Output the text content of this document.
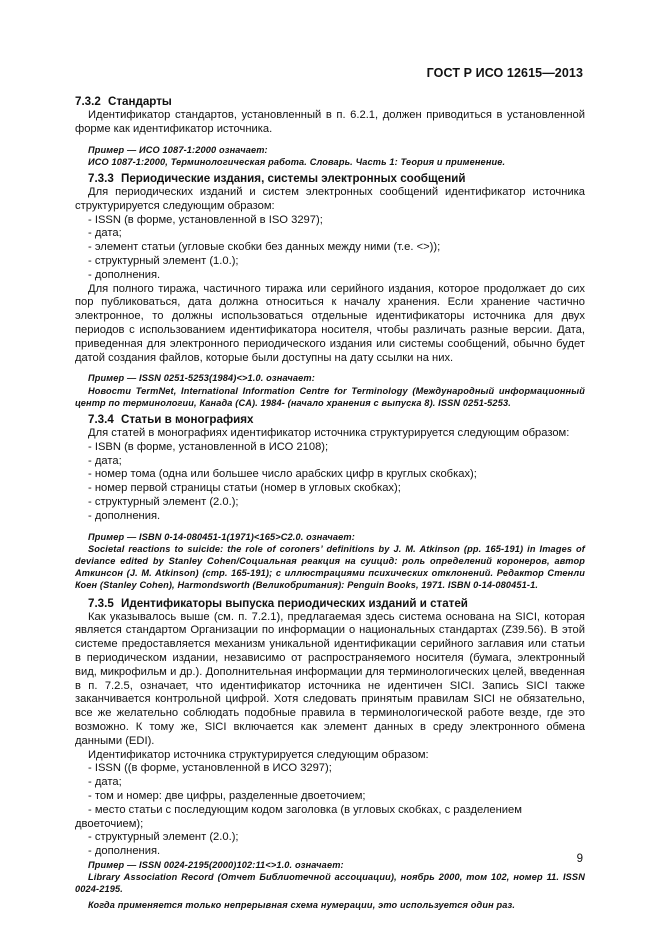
ГОСТ Р ИСО 12615—2013
7.3.2 Стандарты

Идентификатор стандартов, установленный в п. 6.2.1, должен приводиться в установленной форме как идентификатор источника.

Пример — ИСО 1087-1:2000 означает:

ИСО 1087-1:2000, Терминологическая работа. Словарь. Часть 1: Теория и применение.

7.3.3 Периодические издания, системы электронных сообщений

Для периодических изданий и систем электронных сообщений идентификатор источника структурируется следующим образом:

- ISSN (в форме, установленной в ISO 3297);

- дата;

- элемент статьи (угловые скобки без данных между ними (т.е. <>));

- структурный элемент (1.0.);

- дополнения.

Для полного тиража, частичного тиража или серийного издания, которое продолжает до сих пор публиковаться, дата должна относиться к началу хранения. Если хранение частично электронное, то должны использоваться отдельные идентификаторы источника для двух периодов с использованием идентификатора носителя, чтобы различать разные версии. Дата, приведенная для электронного периодического издания или системы сообщений, обычно будет датой создания файлов, которые были доступны на дату ссылки на них.

Пример — ISSN 0251-5253(1984)<>1.0. означает:

Новости TermNet, International Information Centre for Terminology (Международный информационный центр по терминологии, Канада (CA). 1984- (начало хранения с выпуска 8). ISSN 0251-5253.

7.3.4 Статьи в монографиях

Для статей в монографиях идентификатор источника структурируется следующим образом:

- ISBN (в форме, установленной в ИСО 2108);

- дата;

- номер тома (одна или большее число арабских цифр в круглых скобках);

- номер первой страницы статьи (номер в угловых скобках);

- структурный элемент (2.0.);

- дополнения.

Пример — ISBN 0-14-080451-1(1971)<165>C2.0. означает:

Societal reactions to suicide: the role of coroners’ definitions by J. M. Atkinson (pp. 165-191) in Images of deviance edited by Stanley Cohen/Социальная реакция на суицид: роль определений коронеров, автор Аткинсон (J. M. Atkinson) (стр. 165-191); с иллюстрациями психических отклонений. Редактор Стенли Коен (Stanley Cohen), Harmondsworth (Великобритания): Penguin Books, 1971. ISBN 0-14-080451-1.

7.3.5 Идентификаторы выпуска периодических изданий и статей

Как указывалось выше (см. п. 7.2.1), предлагаемая здесь система основана на SICI, которая является стандартом Организации по информации о национальных стандартах (Z39.56). В этой системе предоставляется механизм уникальной идентификации серийного заглавия или статьи в периодическом издании, независимо от распространяемого носителя (бумага, электронный вид, микрофильм и др.). Дополнительная информации для терминологических целей, введенная в п. 7.2.5, означает, что идентификатор источника не идентичен SICI. Запись SICI также заканчивается контрольной цифрой. Хотя следовать принятым правилам SICI не обязательно, все же желательно соблюдать подобные правила в терминологической работе везде, где это возможно. К тому же, SICI включается как элемент данных в среду электронного обмена данными (EDI).

Идентификатор источника структурируется следующим образом:

- ISSN ((в форме, установленной в ИСО 3297);

- дата;

- том и номер: две цифры, разделенные двоеточием;

- место статьи с последующим кодом заголовка (в угловых скобках, с разделением двоеточием);

- структурный элемент (2.0.);

- дополнения.

Пример — ISSN 0024-2195(2000)102:11<>1.0. означает:

Library Association Record (Отчет Библиотечной ассоциации), ноябрь 2000, том 102, номер 11. ISSN 0024-2195.

Когда применяется только непрерывная схема нумерации, это используется один раз.

9
